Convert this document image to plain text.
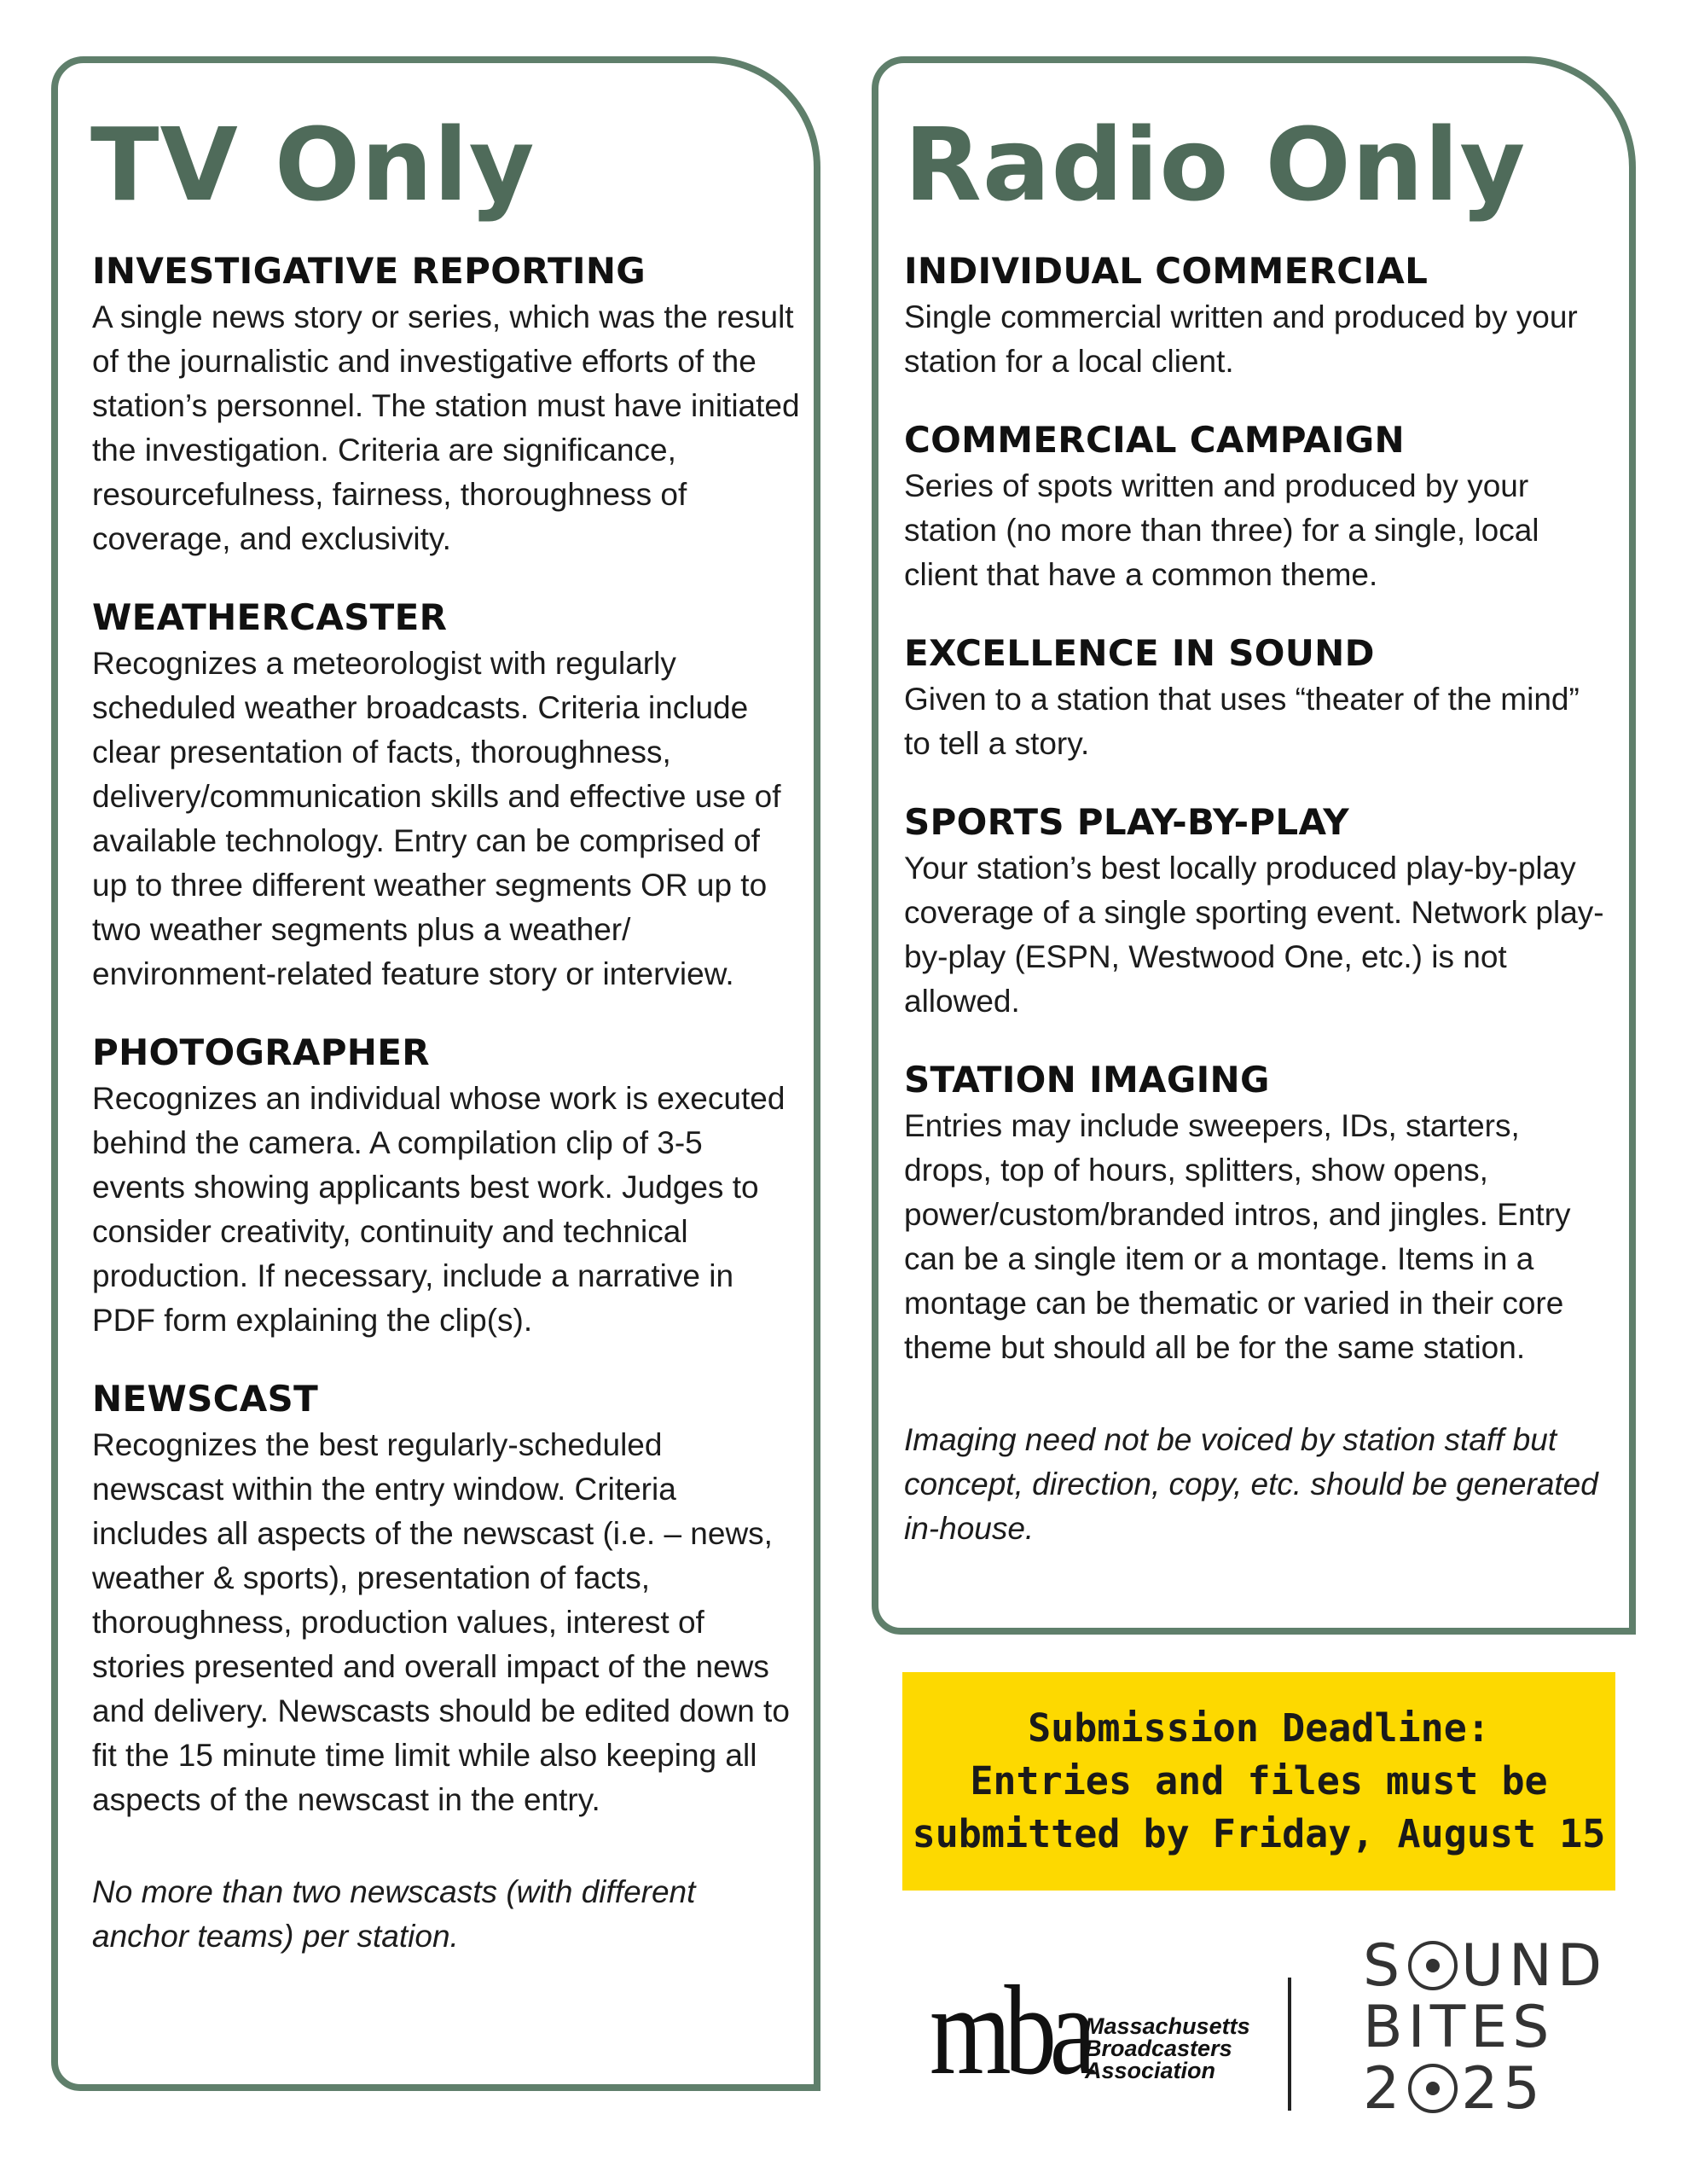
TV Only
INVESTIGATIVE REPORTING

A single news story or series, which was the result of the journalistic and investigative efforts of the station’s personnel. The station must have initiated the investigation. Criteria are significance, resourcefulness, fairness, thoroughness of coverage, and exclusivity.

WEATHERCASTER

Recognizes a meteorologist with regularly scheduled weather broadcasts. Criteria include clear presentation of facts, thoroughness, delivery/communication skills and effective use of available technology. Entry can be comprised of up to three different weather segments OR up to two weather segments plus a weather/ environment-related feature story or interview.

PHOTOGRAPHER

Recognizes an individual whose work is executed behind the camera. A compilation clip of 3-5 events showing applicants best work. Judges to consider creativity, continuity and technical production. If necessary, include a narrative in PDF form explaining the clip(s).

NEWSCAST

Recognizes the best regularly-scheduled newscast within the entry window. Criteria includes all aspects of the newscast (i.e. – news, weather & sports), presentation of facts, thoroughness, production values, interest of stories presented and overall impact of the news and delivery. Newscasts should be edited down to fit the 15 minute time limit while also keeping all aspects of the newscast in the entry.

No more than two newscasts (with different anchor teams) per station.

Radio Only
INDIVIDUAL COMMERCIAL

Single commercial written and produced by your station for a local client.

COMMERCIAL CAMPAIGN

Series of spots written and produced by your station (no more than three) for a single, local client that have a common theme.

EXCELLENCE IN SOUND

Given to a station that uses “theater of the mind” to tell a story.

SPORTS PLAY-BY-PLAY

Your station’s best locally produced play-by-play coverage of a single sporting event. Network play-by-play (ESPN, Westwood One, etc.) is not allowed.

STATION IMAGING

Entries may include sweepers, IDs, starters, drops, top of hours, splitters, show opens, power/custom/branded intros, and jingles. Entry can be a single item or a montage. Items in a montage can be thematic or varied in their core theme but should all be for the same station.

Imaging need not be voiced by station staff but concept, direction, copy, etc. should be generated in-house.

Submission Deadline:
Entries and files must be
submitted by Friday, August 15
mba
Massachusetts
Broadcasters
Association
S UND
BITES
2 25
